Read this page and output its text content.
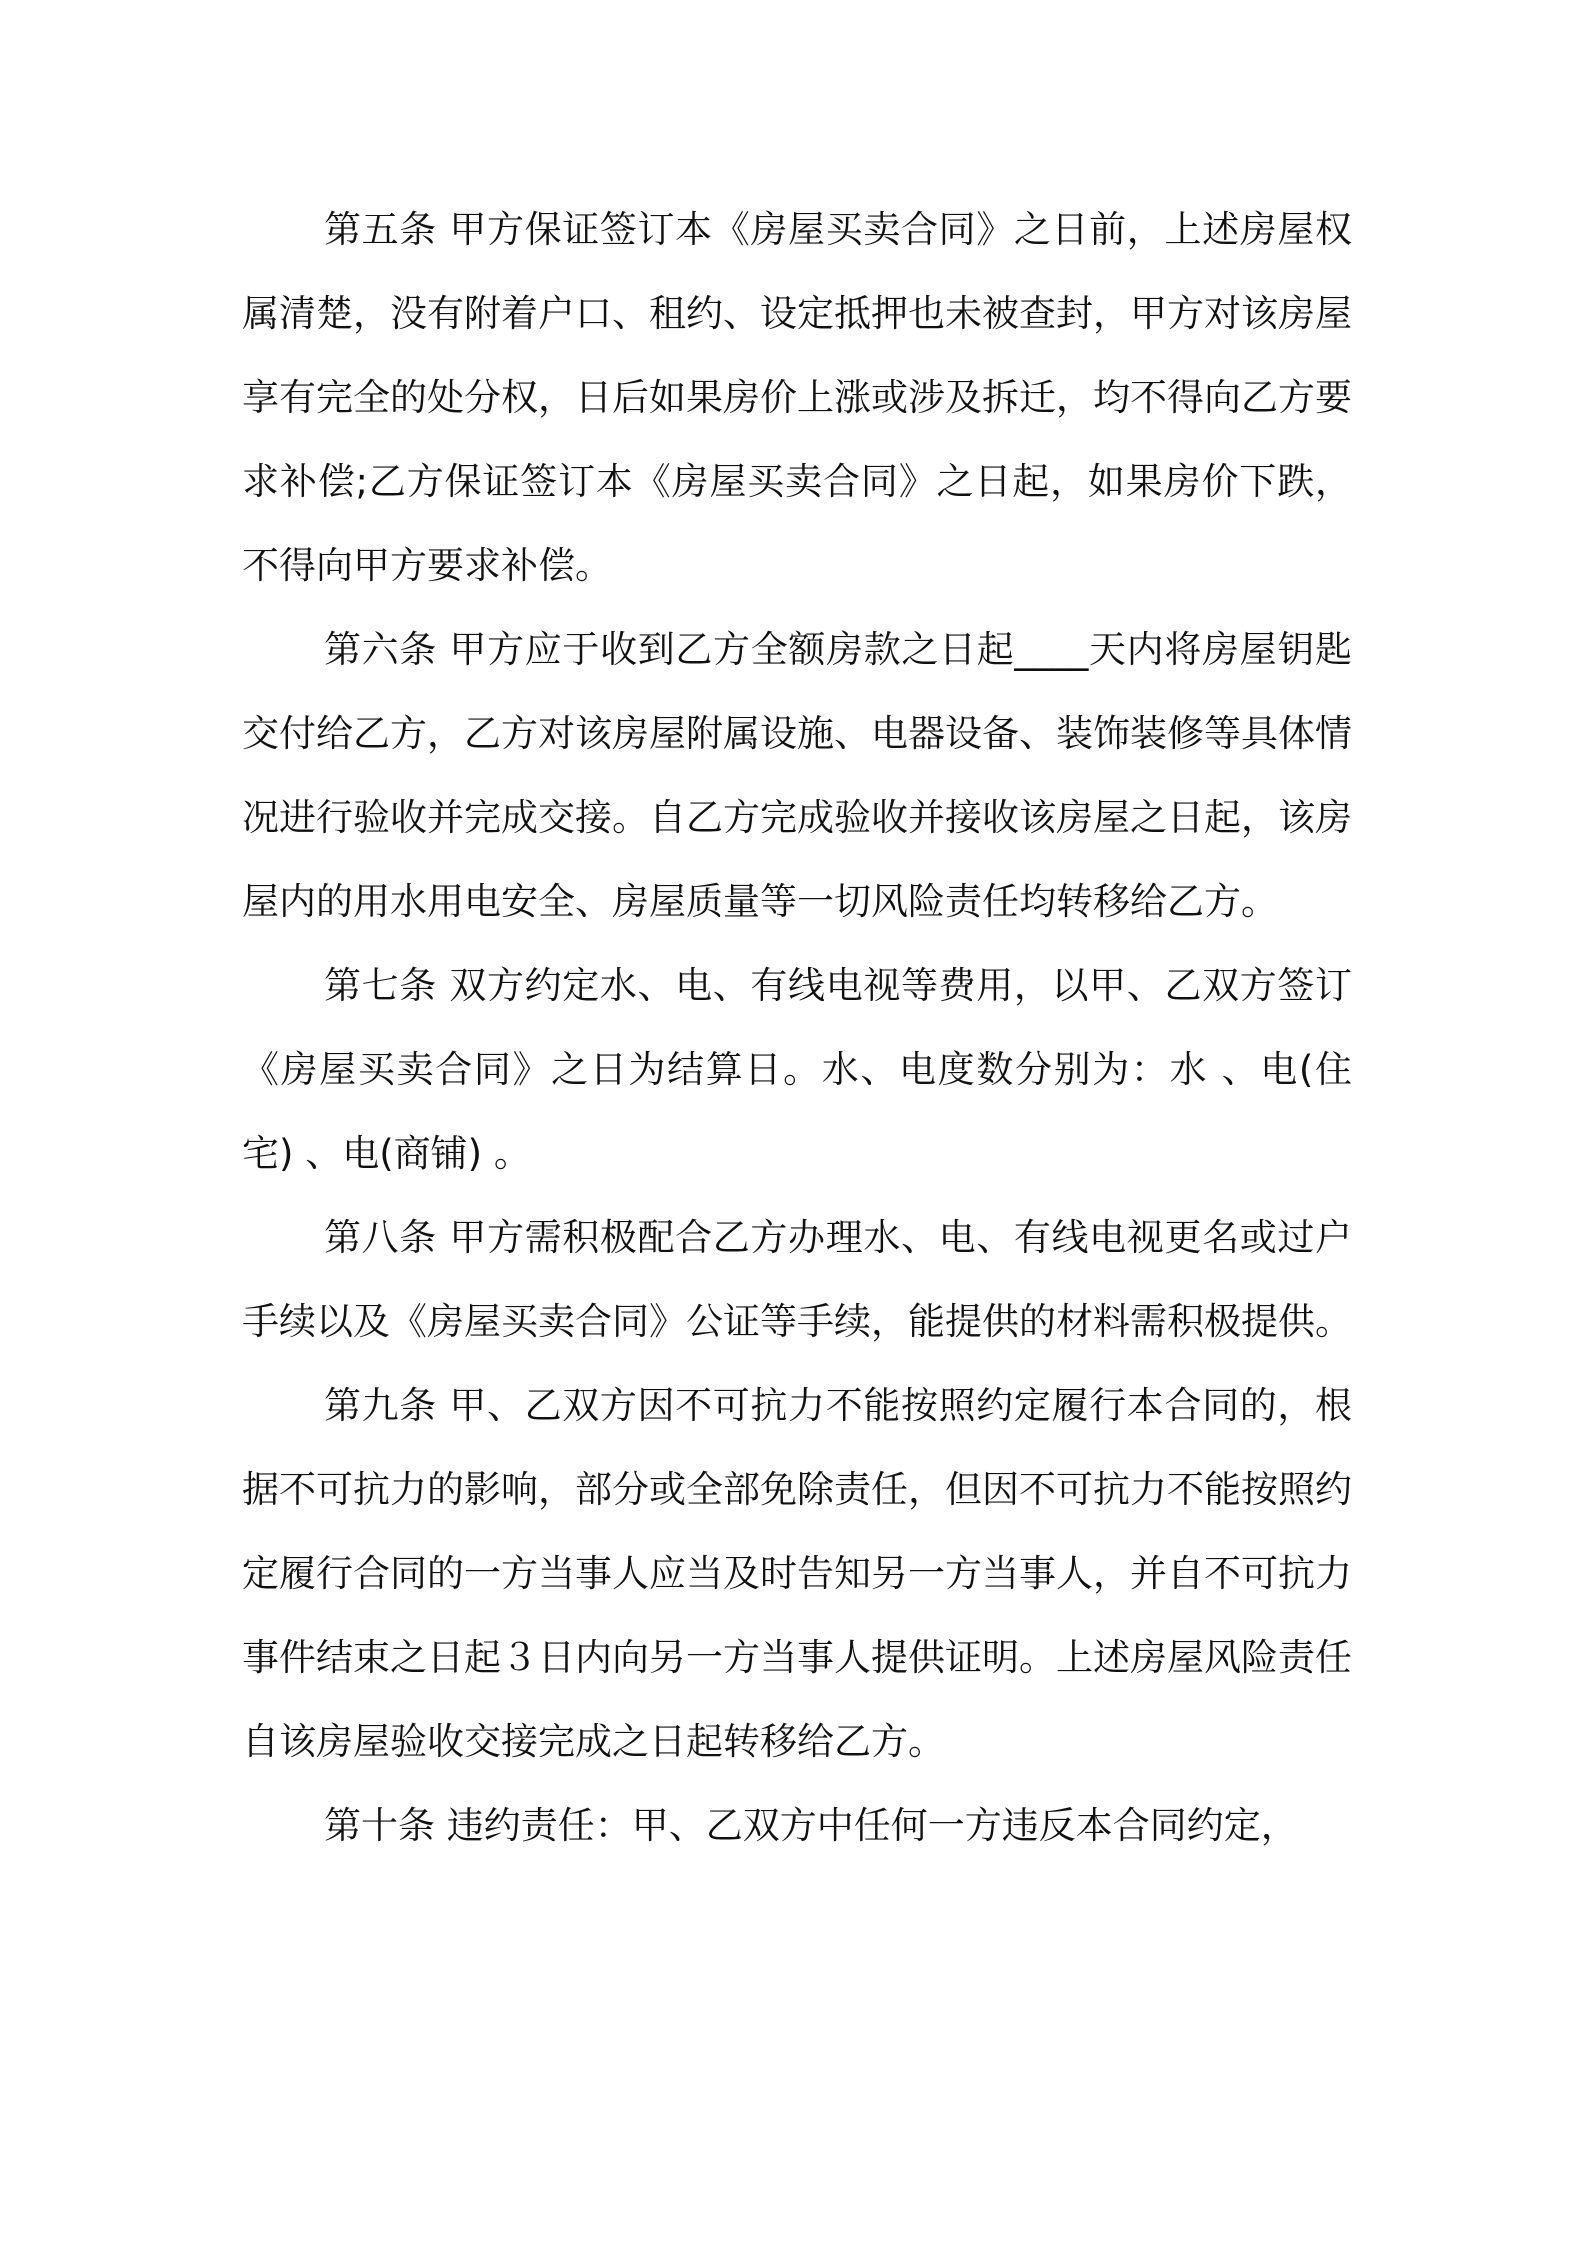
第五条 甲方保证签订本《房屋买卖合同》之日前，上述房屋权属清楚，没有附着户口、租约、设定抵押也未被查封，甲方对该房屋享有完全的处分权，日后如果房价上涨或涉及拆迁，均不得向乙方要求补偿;乙方保证签订本《房屋买卖合同》之日起，如果房价下跌，不得向甲方要求补偿。

第六条 甲方应于收到乙方全额房款之日起____天内将房屋钥匙交付给乙方，乙方对该房屋附属设施、电器设备、装饰装修等具体情况进行验收并完成交接。自乙方完成验收并接收该房屋之日起，该房屋内的用水用电安全、房屋质量等一切风险责任均转移给乙方。

第七条 双方约定水、电、有线电视等费用，以甲、乙双方签订《房屋买卖合同》之日为结算日。水、电度数分别为：水 、电(住宅) 、电(商铺) 。

第八条 甲方需积极配合乙方办理水、电、有线电视更名或过户手续以及《房屋买卖合同》公证等手续，能提供的材料需积极提供。

第九条 甲、乙双方因不可抗力不能按照约定履行本合同的，根据不可抗力的影响，部分或全部免除责任，但因不可抗力不能按照约定履行合同的一方当事人应当及时告知另一方当事人，并自不可抗力事件结束之日起３日内向另一方当事人提供证明。上述房屋风险责任自该房屋验收交接完成之日起转移给乙方。

第十条 违约责任：甲、乙双方中任何一方违反本合同约定，
